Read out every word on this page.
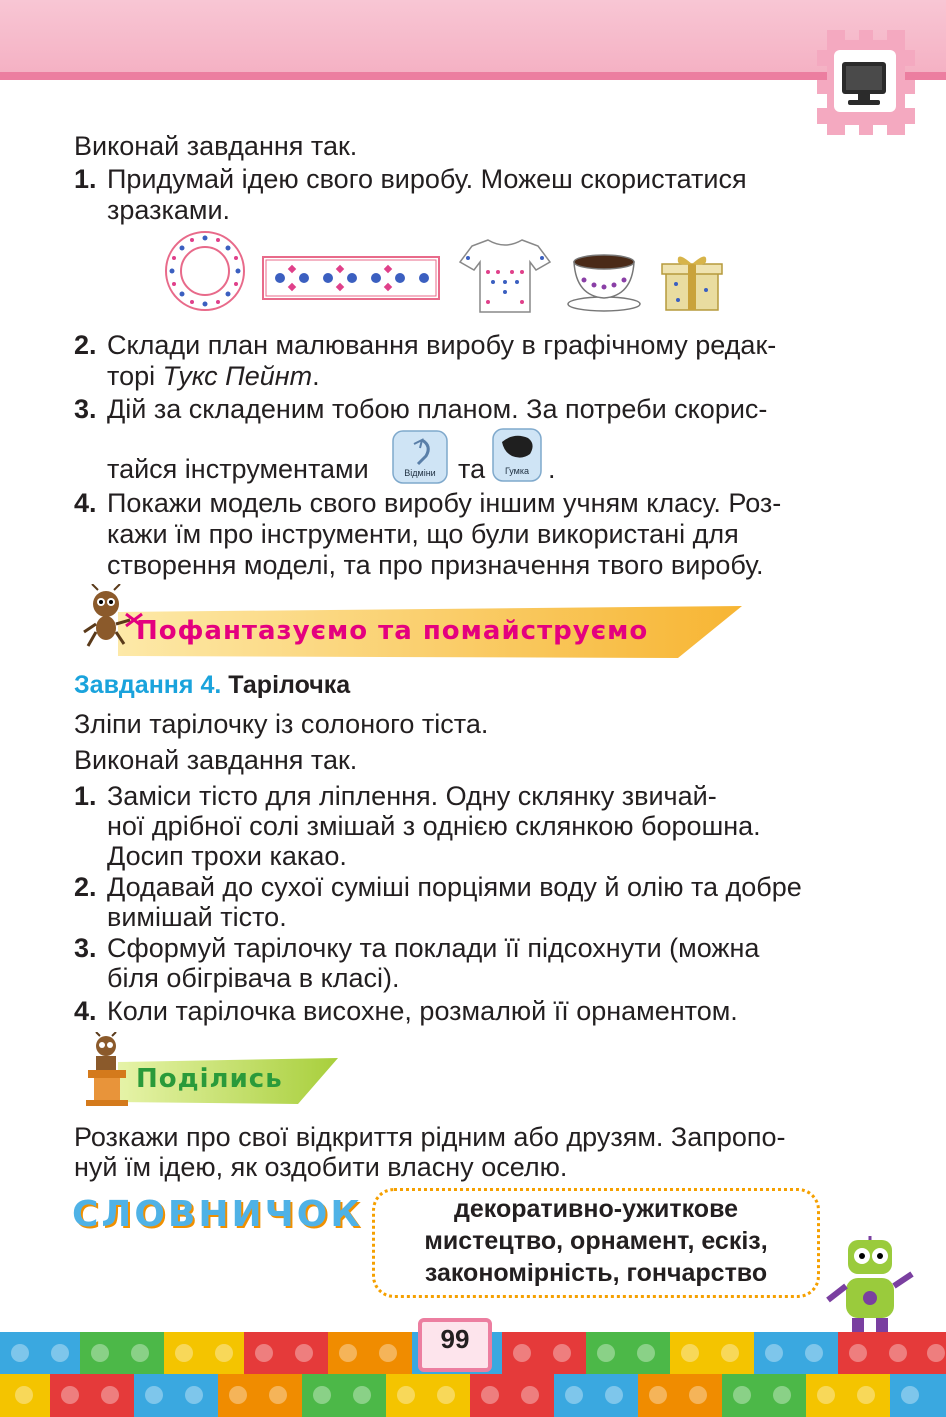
Виконай завдання так.
1. Придумай ідею свого виробу. Можеш скористатися
зразками.
2. Склади план малювання виробу в графічному редак-
торі Тукс Пейнт.
3. Дій за складеним тобою планом. За потреби скорис-
тайся інструментами	Відміни та	Гумка .
4. Покажи модель свого виробу іншим учням класу. Роз-
кажи їм про інструменти, що були використані для
створення моделі, та про призначення твого виробу.
Пофантазуємо та помайструємо
Завдання 4. Тарілочка
Зліпи тарілочку із солоного тіста.
Виконай завдання так.
1. Заміси тісто для ліплення. Одну склянку звичай-
ної дрібної солі змішай з однією склянкою борошна.
Досип трохи какао.
2. Додавай до сухої суміші порціями воду й олію та добре
вимішай тісто.
3. Сформуй тарілочку та поклади її підсохнути (можна
біля обігрівача в класі).
4. Коли тарілочка висохне, розмалюй її орнаментом.
Поділись
Розкажи про свої відкриття рідним або друзям. Запропо-
нуй їм ідею, як оздобити власну оселю.
СЛОВНИЧОК	декоративно-ужиткове
мистецтво, орнамент, ескіз,
закономірність, гончарство
99
